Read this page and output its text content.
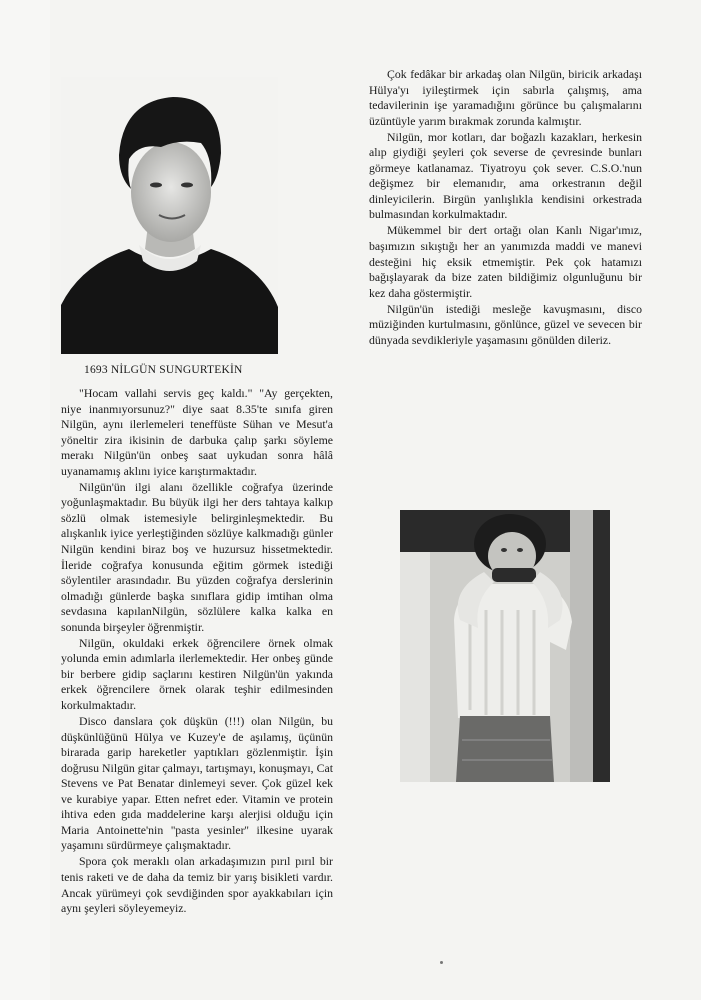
1693 NİLGÜN SUNGURTEKİN

"Hocam vallahi servis geç kaldı." "Ay gerçekten, niye inanmıyorsunuz?" diye saat 8.35'te sınıfa giren Nilgün, aynı ilerlemeleri teneffüste Sühan ve Mesut'a yöneltir zira ikisinin de darbuka çalıp şarkı söyleme merakı Nilgün'ün onbeş saat uykudan sonra hâlâ uyanamamış aklını iyice karıştırmaktadır.

Nilgün'ün ilgi alanı özellikle coğrafya üzerinde yoğunlaşmaktadır. Bu büyük ilgi her ders tahtaya kalkıp sözlü olmak istemesiyle belirginleşmektedir. Bu alışkanlık iyice yerleştiğinden sözlüye kalkmadığı günler Nilgün kendini biraz boş ve huzursuz hissetmektedir. İleride coğrafya konusunda eğitim görmek istediği söylentiler arasındadır. Bu yüzden coğrafya derslerinin olmadığı günlerde başka sınıflara gidip imtihan olma sevdasına kapılanNilgün, sözlülere kalka kalka en sonunda birşeyler öğrenmiştir.

Nilgün, okuldaki erkek öğrencilere örnek olmak yolunda emin adımlarla ilerlemektedir. Her onbeş günde bir berbere gidip saçlarını kestiren Nilgün'ün yakında erkek öğrencilere örnek olarak teşhir edilmesinden korkulmaktadır.

Disco danslara çok düşkün (!!!) olan Nilgün, bu düşkünlüğünü Hülya ve Kuzey'e de aşılamış, üçünün birarada garip hareketler yaptıkları gözlenmiştir. İşin doğrusu Nilgün gitar çalmayı, tartışmayı, konuşmayı, Cat Stevens ve Pat Benatar dinlemeyi sever. Çok güzel kek ve kurabiye yapar. Etten nefret eder. Vitamin ve protein ihtiva eden gıda maddelerine karşı alerjisi olduğu için Maria Antoinette'nin ''pasta yesinler'' ilkesine uyarak yaşamını sürdürmeye çalışmaktadır.

Spora çok meraklı olan arkadaşımızın pırıl pırıl bir tenis raketi ve de daha da temiz bir yarış bisikleti vardır. Ancak yürümeyi çok sevdiğinden spor ayakkabıları için aynı şeyleri söyleyemeyiz.

Çok fedâkar bir arkadaş olan Nilgün, biricik arkadaşı Hülya'yı iyileştirmek için sabırla çalışmış, ama tedavilerinin işe yaramadığını görünce bu çalışmalarını üzüntüyle yarım bırakmak zorunda kalmıştır.

Nilgün, mor kotları, dar boğazlı kazakları, herkesin alıp giydiği şeyleri çok severse de çevresinde bunları görmeye katlanamaz. Tiyatroyu çok sever. C.S.O.'nun değişmez bir elemanıdır, ama orkestranın değil dinleyicilerin. Birgün yanlışlıkla kendisini orkestrada bulmasından korkulmaktadır.

Mükemmel bir dert ortağı olan Kanlı Nigar'ımız, başımızın sıkıştığı her an yanımızda maddi ve manevi desteğini hiç eksik etmemiştir. Pek çok hatamızı bağışlayarak da bize zaten bildiğimiz olgunluğunu bir kez daha göstermiştir.

Nilgün'ün istediği mesleğe kavuşmasını, disco müziğinden kurtulmasını, gönlünce, güzel ve sevecen bir dünyada sevdikleriyle yaşamasını gönülden dileriz.
